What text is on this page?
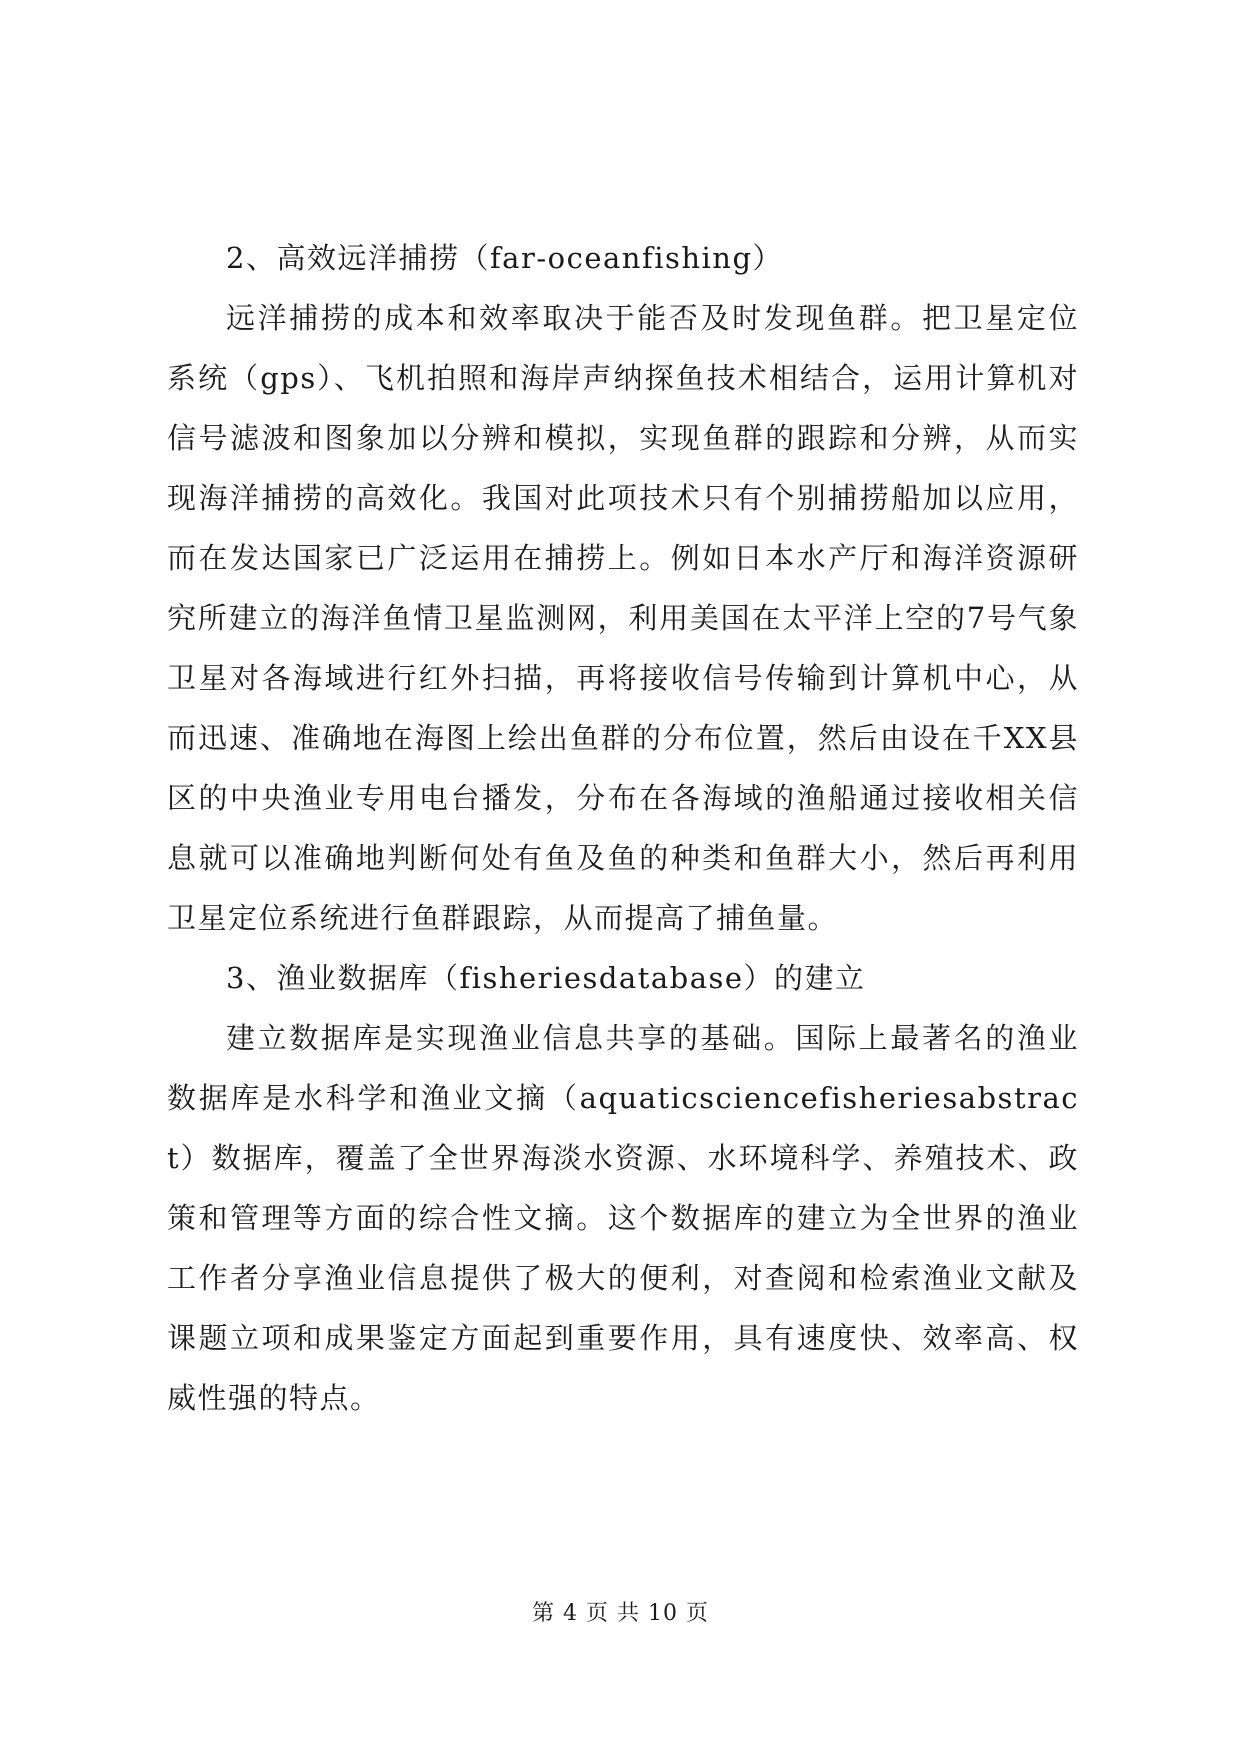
2、高效远洋捕捞（far-oceanfishing）

远洋捕捞的成本和效率取决于能否及时发现鱼群。把卫星定位系统（gps）、飞机拍照和海岸声纳探鱼技术相结合，运用计算机对信号滤波和图象加以分辨和模拟，实现鱼群的跟踪和分辨，从而实现海洋捕捞的高效化。我国对此项技术只有个别捕捞船加以应用，而在发达国家已广泛运用在捕捞上。例如日本水产厅和海洋资源研究所建立的海洋鱼情卫星监测网，利用美国在太平洋上空的7号气象卫星对各海域进行红外扫描，再将接收信号传输到计算机中心，从而迅速、准确地在海图上绘出鱼群的分布位置，然后由设在千XX县区的中央渔业专用电台播发，分布在各海域的渔船通过接收相关信息就可以准确地判断何处有鱼及鱼的种类和鱼群大小，然后再利用卫星定位系统进行鱼群跟踪，从而提高了捕鱼量。

3、渔业数据库（fisheriesdatabase）的建立

建立数据库是实现渔业信息共享的基础。国际上最著名的渔业数据库是水科学和渔业文摘（aquaticsciencefisheriesabstract）数据库，覆盖了全世界海淡水资源、水环境科学、养殖技术、政策和管理等方面的综合性文摘。这个数据库的建立为全世界的渔业工作者分享渔业信息提供了极大的便利，对查阅和检索渔业文献及课题立项和成果鉴定方面起到重要作用，具有速度快、效率高、权威性强的特点。

第 4 页 共 10 页
